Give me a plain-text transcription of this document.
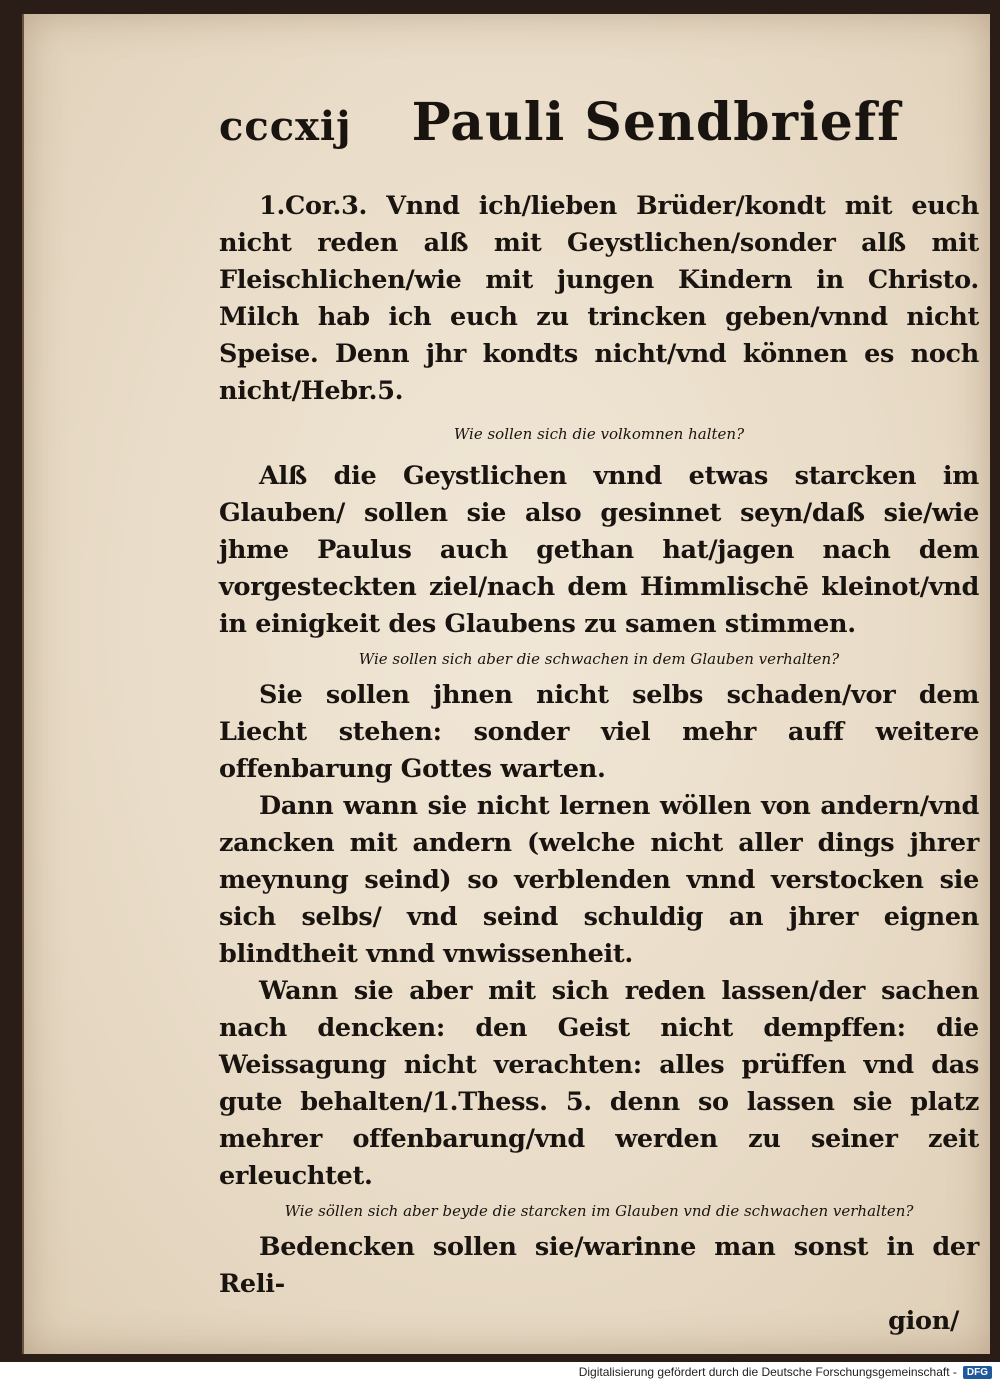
cccxij Pauli Sendbrieff

1.Cor.3. Vnnd ich/lieben Brüder/kondt mit euch nicht reden alß mit Geystlichen/sonder alß mit Fleischlichen/wie mit jungen Kindern in Christo. Milch hab ich euch zu trincken geben/vnnd nicht Speise. Denn jhr kondts nicht/vnd können es noch nicht/Hebr.5.

Wie sollen sich die volkomnen halten?

Alß die Geystlichen vnnd etwas starcken im Glauben/ sollen sie also gesinnet seyn/daß sie/wie jhme Paulus auch gethan hat/jagen nach dem vorgesteckten ziel/nach dem Himmlischē kleinot/vnd in einigkeit des Glaubens zu samen stimmen.

Wie sollen sich aber die schwachen in dem Glauben verhalten?

Sie sollen jhnen nicht selbs schaden/vor dem Liecht stehen: sonder viel mehr auff weitere offenbarung Gottes warten.

Dann wann sie nicht lernen wöllen von andern/vnd zancken mit andern (welche nicht aller dings jhrer meynung seind) so verblenden vnnd verstocken sie sich selbs/ vnd seind schuldig an jhrer eignen blindtheit vnnd vnwissenheit.

Wann sie aber mit sich reden lassen/der sachen nach dencken: den Geist nicht dempffen: die Weissagung nicht verachten: alles prüffen vnd das gute behalten/1.Thess. 5. denn so lassen sie platz mehrer offenbarung/vnd werden zu seiner zeit erleuchtet.

Wie söllen sich aber beyde die starcken im Glauben vnd die schwachen verhalten?

Bedencken sollen sie/warinne man sonst in der Reli-

gion/

Digitalisierung gefördert durch die Deutsche Forschungsgemeinschaft -	DFG
